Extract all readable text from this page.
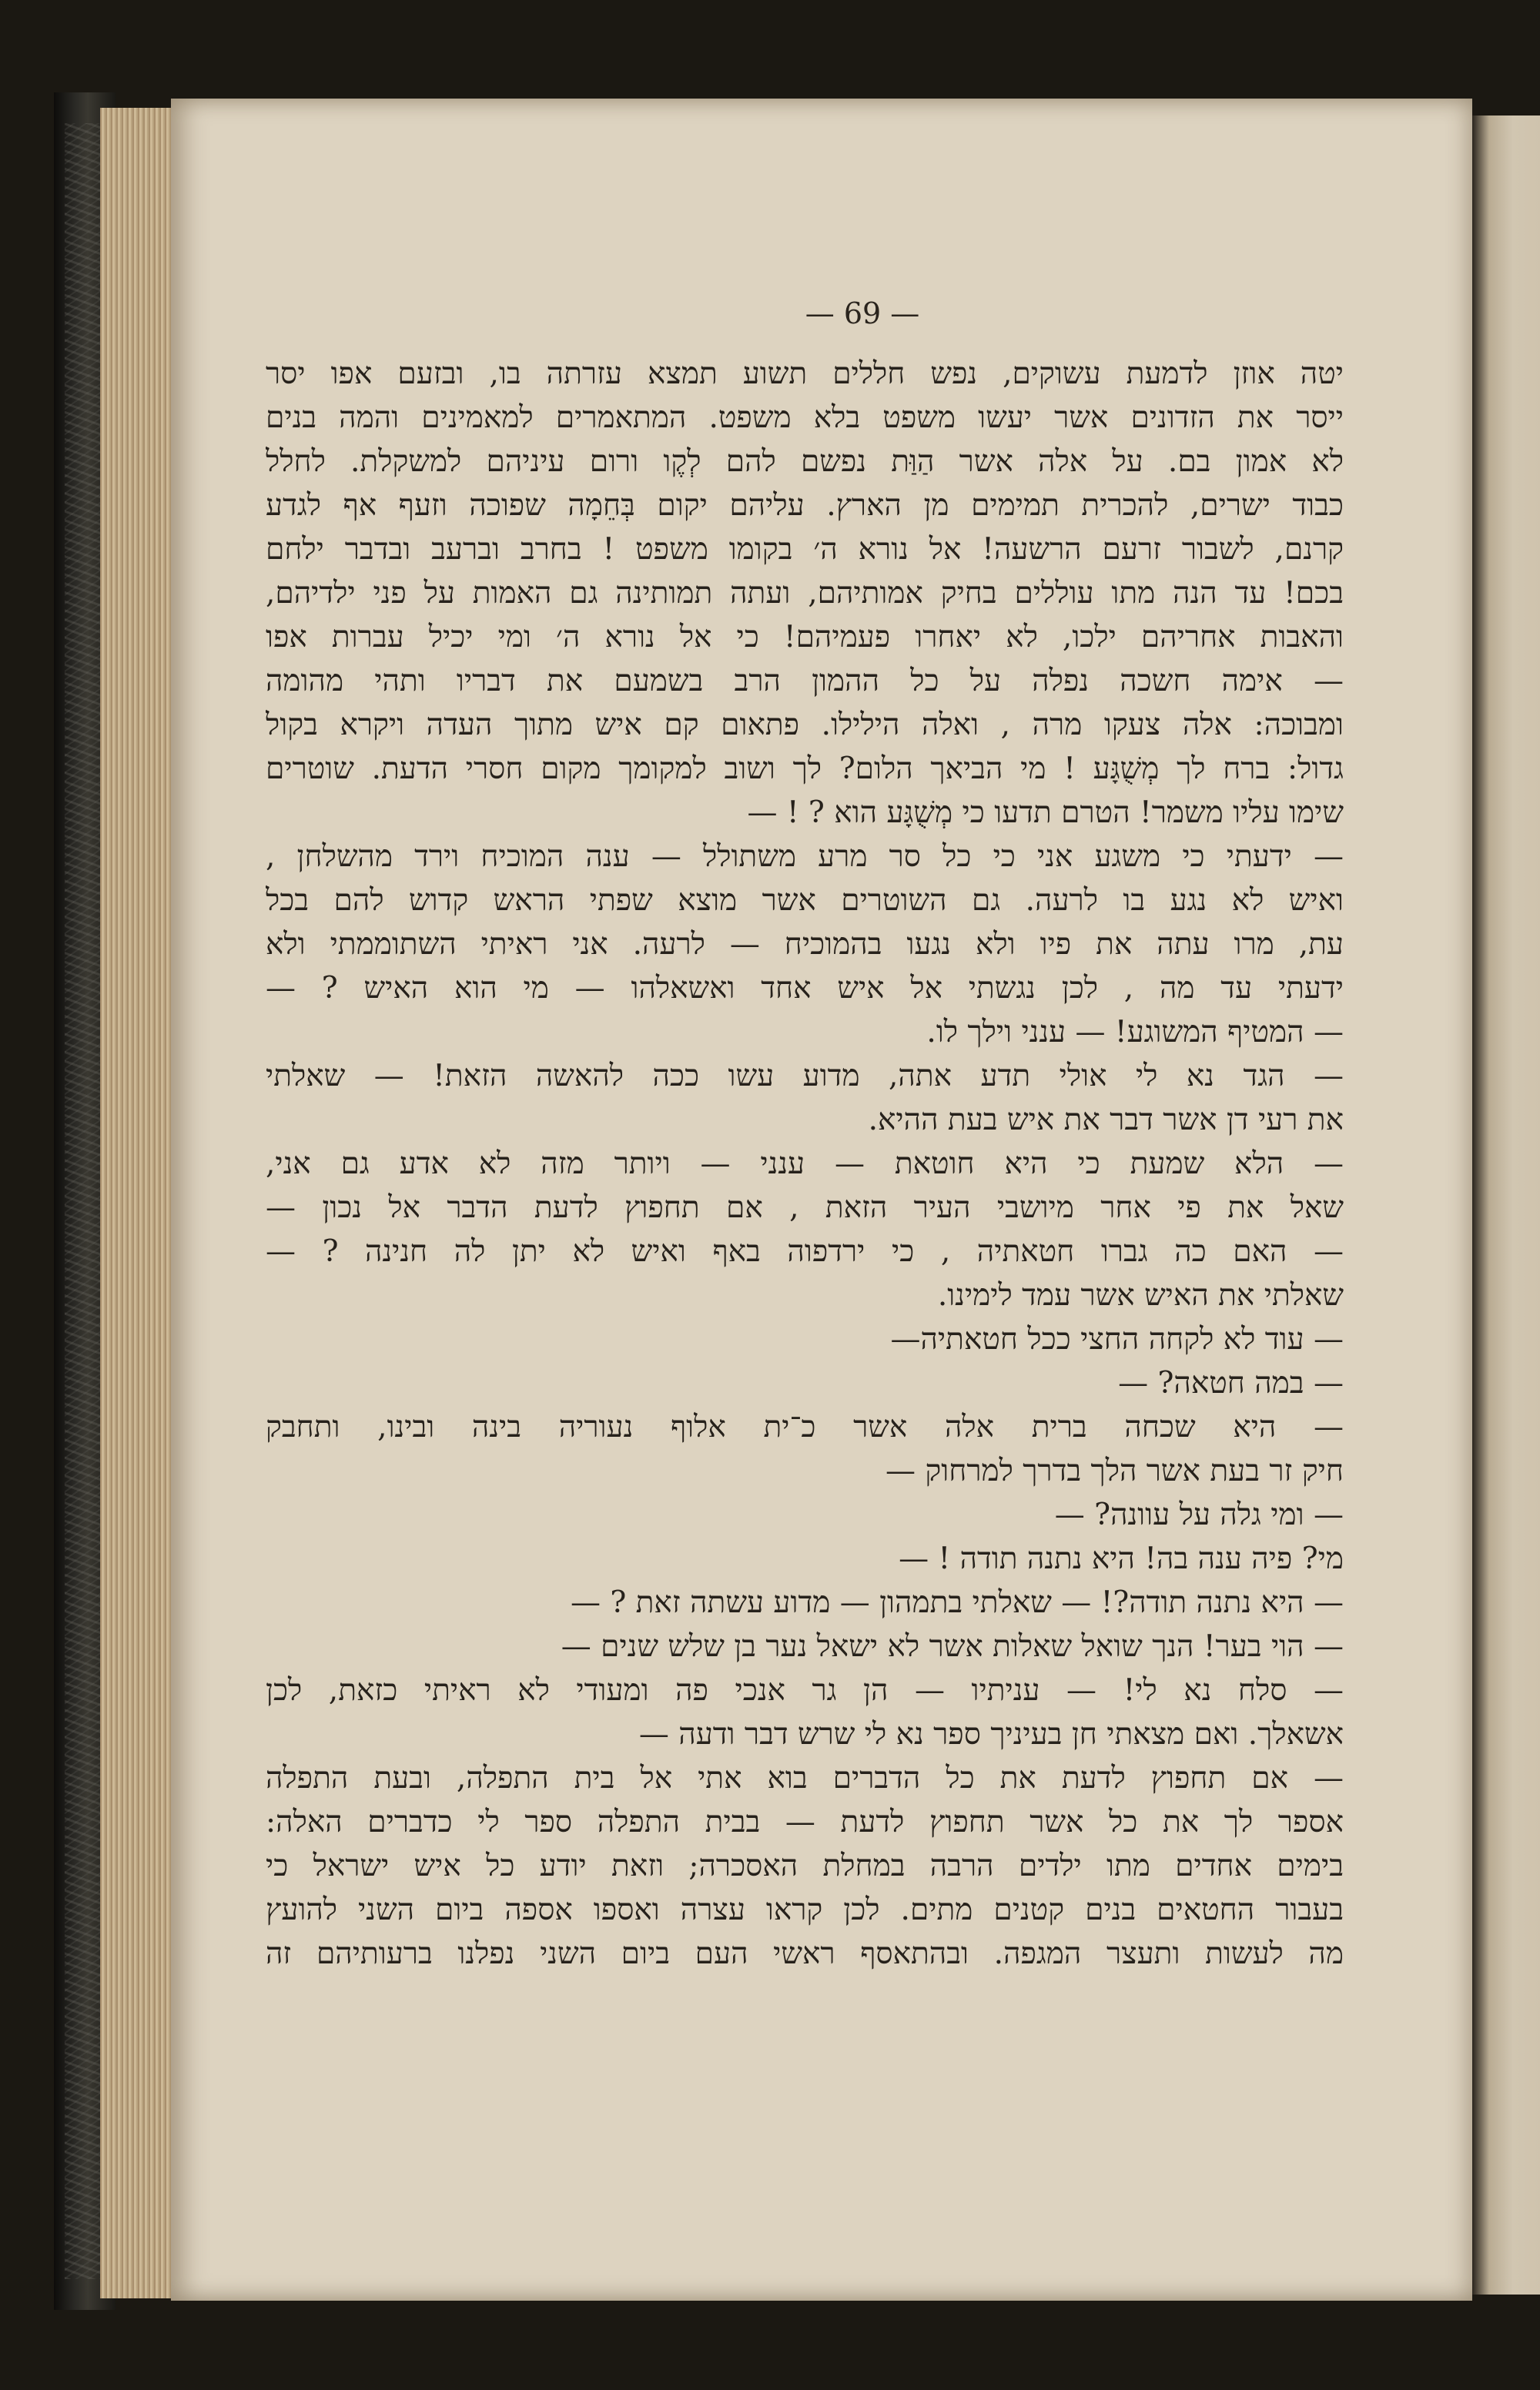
— 69 —
יטה אוזן לדמעת עשוקים, נפש חללים תשוע תמצא עזרתה בו, ובזעם אפו יסר
ייסר את הזדונים אשר יעשו משפט בלא משפט. המתאמרים למאמינים והמה בנים
לא אמון בם. על אלה אשר הַוַּת נפשם להם לְקֶו ורום עיניהם למשקלת. לחלל
כבוד ישרים, להכרית תמימים מן הארץ. עליהם יקום בְּחֵמָה שפוכה וזעף אף לגדע
קרנם, לשבור זרעם הרשעה! אל נורא ה׳ בקומו משפט ! בחרב וברעב ובדבר ילחם
בכם! עד הנה מתו עוללים בחיק אמותיהם, ועתה תמותינה גם האמות על פני ילדיהם,
והאבות אחריהם ילכו, לא יאחרו פעמיהם! כי אל נורא ה׳ ומי יכיל עברות אפו
— אימה חשכה נפלה על כל ההמון הרב בשמעם את דבריו ותהי מהומה
ומבוכה: אלה צעקו מרה , ואלה הילילו. פתאום קם איש מתוך העדה ויקרא בקול
גדול: ברח לך מְשֻׁגָּע ! מי הביאך הלום? לך ושוב למקומך מקום חסרי הדעת. שוטרים
שימו עליו משמר! הטרם תדעו כי מְשֻׁגָּע הוא ? ! —
— ידעתי כי משגע אני כי כל סר מרע משתולל — ענה המוכיח וירד מהשלחן ,
ואיש לא נגע בו לרעה. גם השוטרים אשר מוצא שפתי הראש קדוש להם בכל
עת, מרו עתה את פיו ולא נגעו בהמוכיח — לרעה. אני ראיתי השתוממתי ולא
ידעתי עד מה , לכן נגשתי אל איש אחד ואשאלהו — מי הוא האיש ? —
— המטיף המשוגע! — ענני וילך לו.
— הגד נא לי אולי תדע אתה, מדוע עשו ככה להאשה הזאת! — שאלתי
את רעי דן אשר דבר את איש בעת ההיא.
— הלא שמעת כי היא חוטאת — ענני — ויותר מזה לא אדע גם אני,
שאל את פי אחר מיושבי העיר הזאת , אם תחפוץ לדעת הדבר אל נכון —
— האם כה גברו חטאתיה , כי ירדפוה באף ואיש לא יתן לה חנינה ? —
שאלתי את האיש אשר עמד לימינו.
— עוד לא לקחה החצי ככל חטאתיה—
— במה חטאה? —
— היא שכחה ברית אלה אשר כ־ית אלוף נעוריה בינה ובינו, ותחבק
חיק זר בעת אשר הלך בדרך למרחוק —
— ומי גלה על עוונה? —
מי? פיה ענה בה! היא נתנה תודה ! —
— היא נתנה תודה?! — שאלתי בתמהון — מדוע עשתה זאת ? —
— הוי בער! הנך שואל שאלות אשר לא ישאל נער בן שלש שנים —
— סלח נא לי! — עניתיו — הן גר אנכי פה ומעודי לא ראיתי כזאת, לכן
אשאלך. ואם מצאתי חן בעיניך ספר נא לי שרש דבר ודעה —
— אם תחפוץ לדעת את כל הדברים בוא אתי אל בית התפלה, ובעת התפלה
אספר לך את כל אשר תחפוץ לדעת — בבית התפלה ספר לי כדברים האלה:
בימים אחדים מתו ילדים הרבה במחלת האסכרה; וזאת יודע כל איש ישראל כי
בעבור החטאים בנים קטנים מתים. לכן קראו עצרה ואספו אספה ביום השני להועץ
מה לעשות ותעצר המגפה. ובהתאסף ראשי העם ביום השני נפלנו ברעותיהם זה
